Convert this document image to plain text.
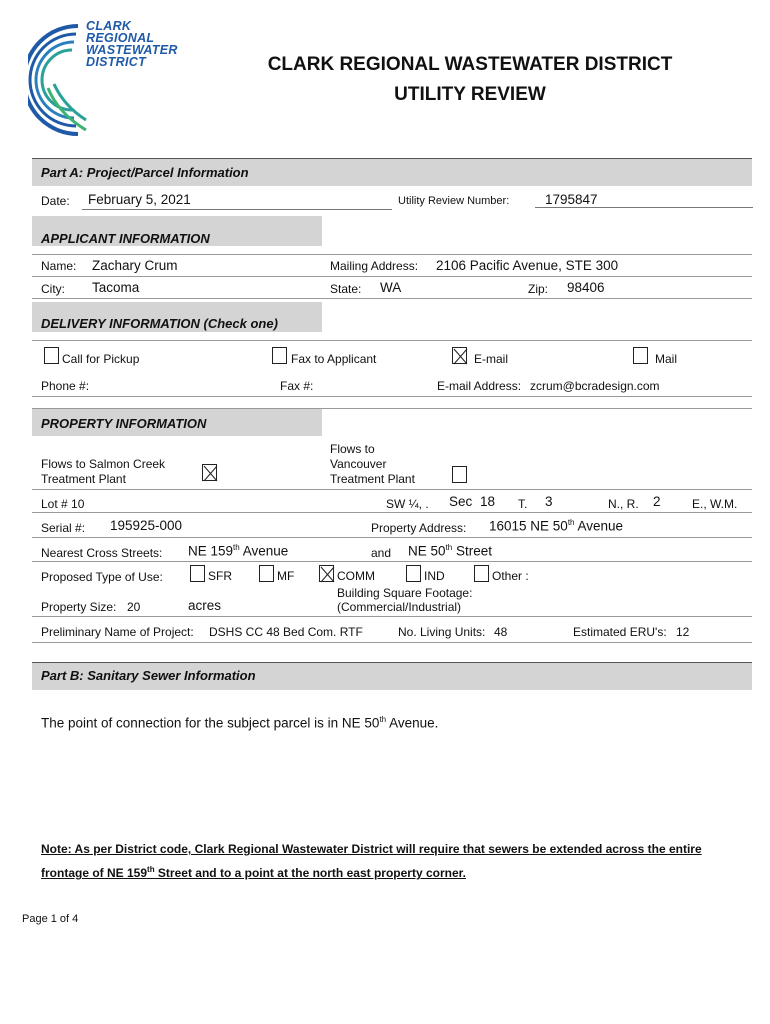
CLARK
REGIONAL
WASTEWATER
DISTRICT	CLARK REGIONAL WASTEWATER DISTRICT
UTILITY REVIEW
Part A: Project/Parcel Information
Date: February 5, 2021	Utility Review Number:	1795847
APPLICANT INFORMATION
Name: Zachary Crum	Mailing Address: 2106 Pacific Avenue, STE 300
City: Tacoma	State: WA	Zip: 98406
DELIVERY INFORMATION (Check one)
Call for Pickup	Fax to Applicant	E-mail	Mail
Phone #:	Fax #:	E-mail Address: zcrum@bcradesign.com
PROPERTY INFORMATION
Flows to Salmon Creek
Treatment Plant
Flows to
Vancouver
Treatment Plant
Lot # 10	SW ¼, . Sec 18 T. 3	N., R. 2	E., W.M.
Serial #: 195925-000	Property Address: 16015 NE 50th Avenue
Nearest Cross Streets: NE 159th Avenue	and NE 50th Street
Proposed Type of Use:	SFR	MF	COMM	IND	Other :
Property Size: 20	acres
Building Square Footage:
(Commercial/Industrial)
Preliminary Name of Project: DSHS CC 48 Bed Com. RTF	No. Living Units: 48	Estimated ERU's: 12
Part B: Sanitary Sewer Information
The point of connection for the subject parcel is in NE 50th Avenue.
Note: As per District code, Clark Regional Wastewater District will require that sewers be extended across the entire
frontage of NE 159th Street and to a point at the north east property corner.
Page 1 of 4
